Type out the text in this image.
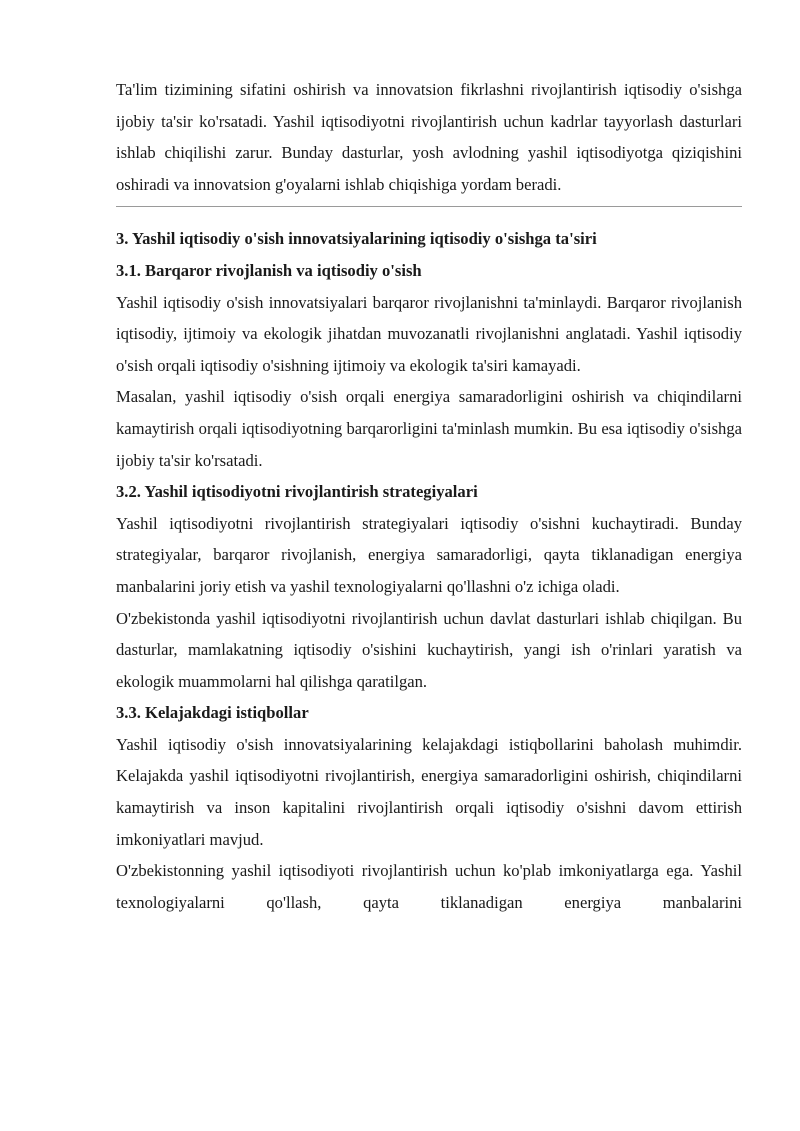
Ta'lim tizimining sifatini oshirish va innovatsion fikrlashni rivojlantirish iqtisodiy o'sishga ijobiy ta'sir ko'rsatadi. Yashil iqtisodiyotni rivojlantirish uchun kadrlar tayyorlash dasturlari ishlab chiqilishi zarur. Bunday dasturlar, yosh avlodning yashil iqtisodiyotga qiziqishini oshiradi va innovatsion g'oyalarni ishlab chiqishiga yordam beradi.

3. Yashil iqtisodiy o'sish innovatsiyalarining iqtisodiy o'sishga ta'siri
3.1. Barqaror rivojlanish va iqtisodiy o'sish

Yashil iqtisodiy o'sish innovatsiyalari barqaror rivojlanishni ta'minlaydi. Barqaror rivojlanish iqtisodiy, ijtimoiy va ekologik jihatdan muvozanatli rivojlanishni anglatadi. Yashil iqtisodiy o'sish orqali iqtisodiy o'sishning ijtimoiy va ekologik ta'siri kamayadi.

Masalan, yashil iqtisodiy o'sish orqali energiya samaradorligini oshirish va chiqindilarni kamaytirish orqali iqtisodiyotning barqarorligini ta'minlash mumkin. Bu esa iqtisodiy o'sishga ijobiy ta'sir ko'rsatadi.

3.2. Yashil iqtisodiyotni rivojlantirish strategiyalari

Yashil iqtisodiyotni rivojlantirish strategiyalari iqtisodiy o'sishni kuchaytiradi. Bunday strategiyalar, barqaror rivojlanish, energiya samaradorligi, qayta tiklanadigan energiya manbalarini joriy etish va yashil texnologiyalarni qo'llashni o'z ichiga oladi.

O'zbekistonda yashil iqtisodiyotni rivojlantirish uchun davlat dasturlari ishlab chiqilgan. Bu dasturlar, mamlakatning iqtisodiy o'sishini kuchaytirish, yangi ish o'rinlari yaratish va ekologik muammolarni hal qilishga qaratilgan.

3.3. Kelajakdagi istiqbollar

Yashil iqtisodiy o'sish innovatsiyalarining kelajakdagi istiqbollarini baholash muhimdir. Kelajakda yashil iqtisodiyotni rivojlantirish, energiya samaradorligini oshirish, chiqindilarni kamaytirish va inson kapitalini rivojlantirish orqali iqtisodiy o'sishni davom ettirish imkoniyatlari mavjud.

O'zbekistonning yashil iqtisodiyoti rivojlantirish uchun ko'plab imkoniyatlarga ega. Yashil texnologiyalarni qo'llash, qayta tiklanadigan energiya manbalarini
